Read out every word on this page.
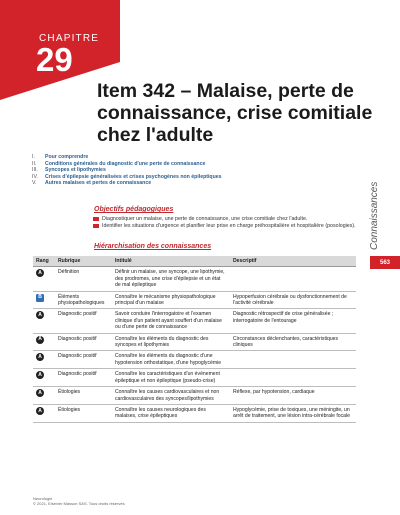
CHAPITRE
29
Item 342 – Malaise, perte de connaissance, crise comitiale chez l'adulte
I.	Pour comprendre
II.	Conditions générales du diagnostic d'une perte de connaissance
III.	Syncopes et lipothymies
IV.	Crises d'épilepsie généralisées et crises psychogènes non épileptiques
V.	Autres malaises et pertes de connaissance
Objectifs pédagogiques
Diagnostiquer un malaise, une perte de connaissance, une crise comitiale chez l'adulte.
Identifier les situations d'urgence et planifier leur prise en charge préhospitalière et hospitalière (posologies).
Hiérarchisation des connaissances	Connaissances
563
Rang	Rubrique	Intitulé	Descriptif
A	Définition	Définir un malaise, une syncope, une lipothymie, des prodromes, une crise d'épilepsie et un état de mal épileptique	
B	Éléments physiopathologiques	Connaître le mécanisme physiopathologique principal d'un malaise	Hypoperfusion cérébrale ou dysfonctionnement de l'activité cérébrale
A	Diagnostic positif	Savoir conduire l'interrogatoire et l'examen clinique d'un patient ayant souffert d'un malaise ou d'une perte de connaissance	Diagnostic rétrospectif de crise généralisée ; interrogatoire de l'entourage
A	Diagnostic positif	Connaître les éléments du diagnostic des syncopes et lipothymies	Circonstances déclenchantes, caractéristiques cliniques
A	Diagnostic positif	Connaître les éléments du diagnostic d'une hypotension orthostatique, d'une hypoglycémie	
A	Diagnostic positif	Connaître les caractéristiques d'un événement épileptique et non épileptique (pseudo-crise)	
A	Étiologies	Connaître les causes cardiovasculaires et non cardiovasculaires des syncopes/lipothymies	Réflexe, par hypotension, cardiaque
A	Étiologies	Connaître les causes neurologiques des malaises, crise épileptiques	Hypoglycémie, prise de toxiques, une méningite, un arrêt de traitement, une lésion intra-cérébrale focale
Neurologie
© 2021, Elsevier Masson SAS. Tous droits réservés
